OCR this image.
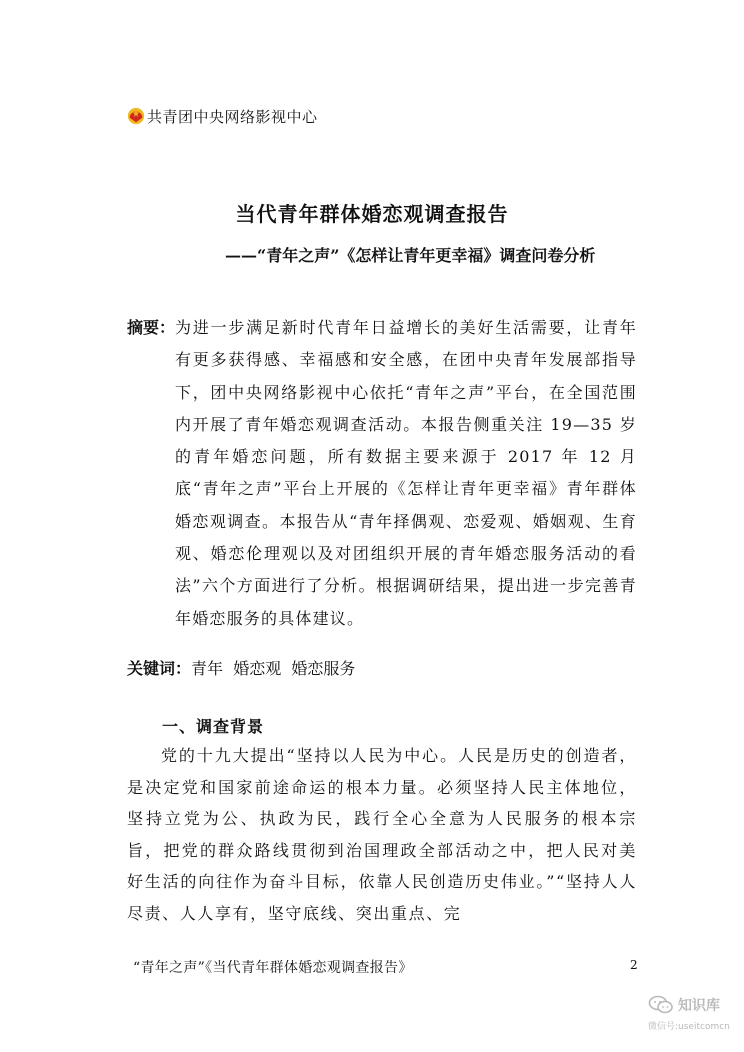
共青团中央网络影视中心
当代青年群体婚恋观调查报告
——“青年之声”《怎样让青年更幸福》调查问卷分析
摘要： 为进一步满足新时代青年日益增长的美好生活需要，让青年有更多获得感、幸福感和安全感，在团中央青年发展部指导下，团中央网络影视中心依托“青年之声”平台，在全国范围内开展了青年婚恋观调查活动。本报告侧重关注 19—35 岁的青年婚恋问题，所有数据主要来源于 2017 年 12 月底“青年之声”平台上开展的《怎样让青年更幸福》青年群体婚恋观调查。本报告从“青年择偶观、恋爱观、婚姻观、生育观、婚恋伦理观以及对团组织开展的青年婚恋服务活动的看法”六个方面进行了分析。根据调研结果，提出进一步完善青年婚恋服务的具体建议。
关键词：青年 婚恋观 婚恋服务
一、调查背景

党的十九大提出“坚持以人民为中心。人民是历史的创造者，是决定党和国家前途命运的根本力量。必须坚持人民主体地位，坚持立党为公、执政为民，践行全心全意为人民服务的根本宗旨，把党的群众路线贯彻到治国理政全部活动之中，把人民对美好生活的向往作为奋斗目标，依靠人民创造历史伟业。”“坚持人人尽责、人人享有，坚守底线、突出重点、完

“青年之声”《当代青年群体婚恋观调查报告》	2
知识库
微信号:useitcomcn
